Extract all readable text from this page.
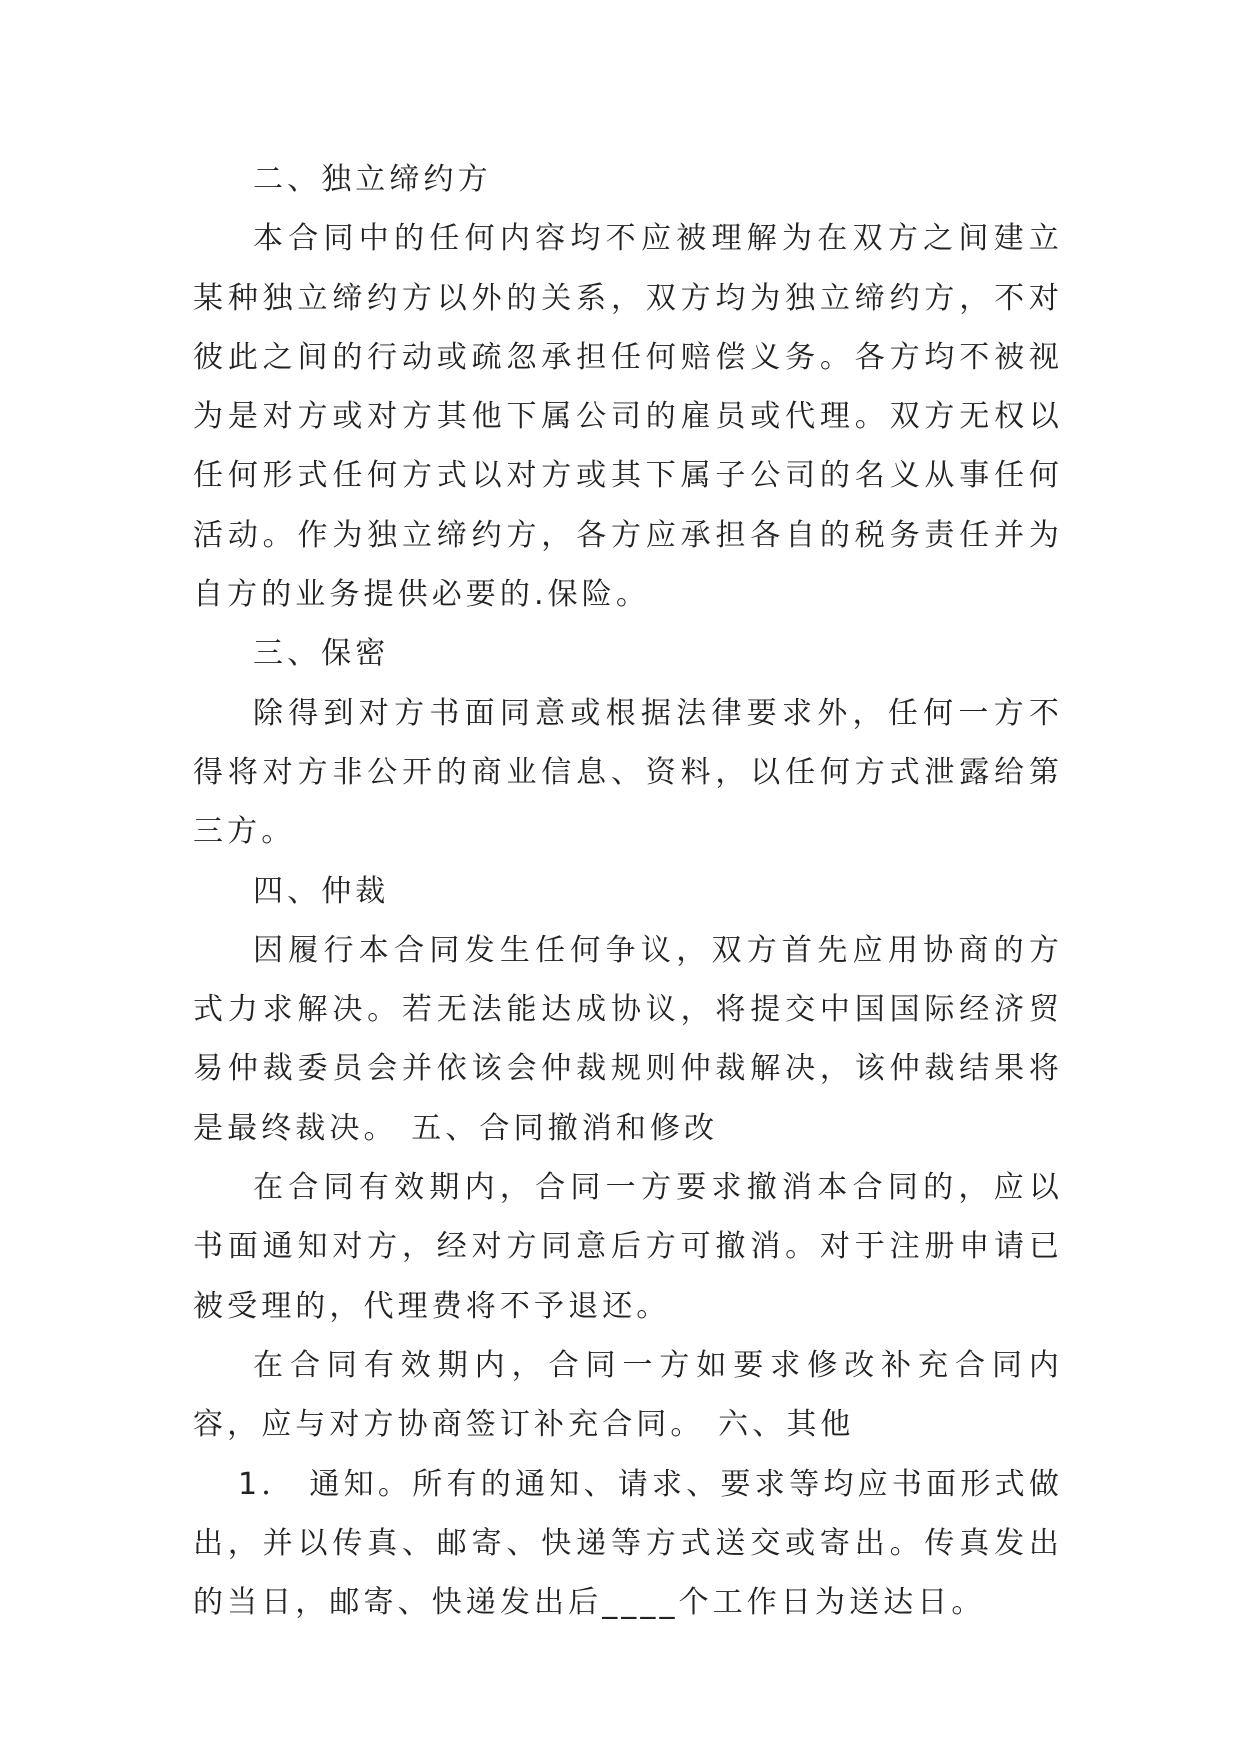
二、独立缔约方

本合同中的任何内容均不应被理解为在双方之间建立某种独立缔约方以外的关系，双方均为独立缔约方，不对彼此之间的行动或疏忽承担任何赔偿义务。各方均不被视为是对方或对方其他下属公司的雇员或代理。双方无权以任何形式任何方式以对方或其下属子公司的名义从事任何活动。作为独立缔约方，各方应承担各自的税务责任并为自方的业务提供必要的.保险。

三、保密

除得到对方书面同意或根据法律要求外，任何一方不得将对方非公开的商业信息、资料，以任何方式泄露给第三方。

四、仲裁

因履行本合同发生任何争议，双方首先应用协商的方式力求解决。若无法能达成协议，将提交中国国际经济贸易仲裁委员会并依该会仲裁规则仲裁解决，该仲裁结果将是最终裁决。 五、合同撤消和修改

在合同有效期内，合同一方要求撤消本合同的，应以书面通知对方，经对方同意后方可撤消。对于注册申请已被受理的，代理费将不予退还。

在合同有效期内，合同一方如要求修改补充合同内容，应与对方协商签订补充合同。 六、其他

1． 通知。所有的通知、请求、要求等均应书面形式做出，并以传真、邮寄、快递等方式送交或寄出。传真发出的当日，邮寄、快递发出后____个工作日为送达日。
